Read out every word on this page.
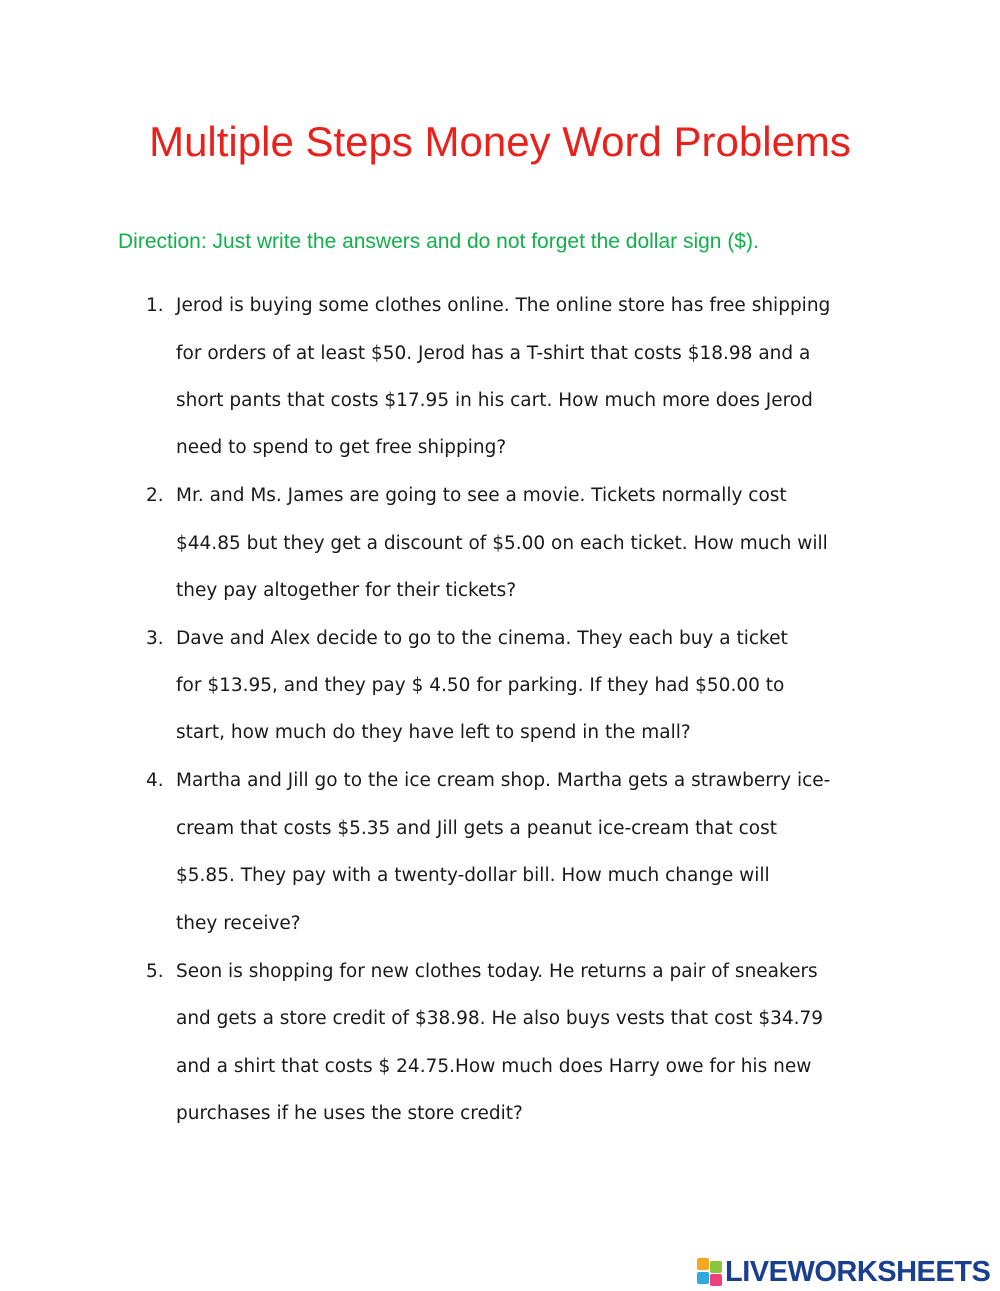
Multiple Steps Money Word Problems

Direction: Just write the answers and do not forget the dollar sign ($).

1. Jerod is buying some clothes online. The online store has free shipping
for orders of at least $50. Jerod has a T-shirt that costs $18.98 and a
short pants that costs $17.95 in his cart. How much more does Jerod
need to spend to get free shipping?
2. Mr. and Ms. James are going to see a movie. Tickets normally cost
$44.85 but they get a discount of $5.00 on each ticket. How much will
they pay altogether for their tickets?
3. Dave and Alex decide to go to the cinema. They each buy a ticket
for $13.95, and they pay $ 4.50 for parking. If they had $50.00 to
start, how much do they have left to spend in the mall?
4. Martha and Jill go to the ice cream shop. Martha gets a strawberry ice-
cream that costs $5.35 and Jill gets a peanut ice-cream that cost
$5.85. They pay with a twenty-dollar bill. How much change will
they receive?
5. Seon is shopping for new clothes today. He returns a pair of sneakers
and gets a store credit of $38.98. He also buys vests that cost $34.79
and a shirt that costs $ 24.75.How much does Harry owe for his new
purchases if he uses the store credit?
LIVEWORKSHEETS
